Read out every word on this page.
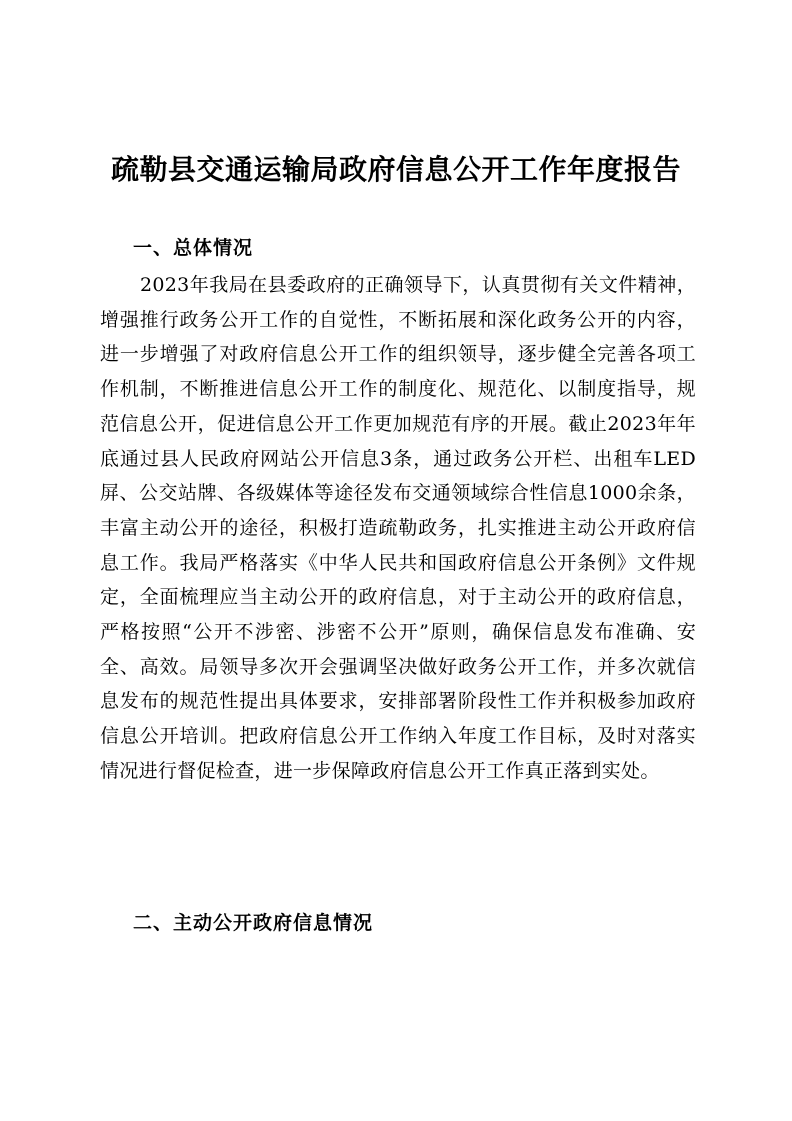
疏勒县交通运输局政府信息公开工作年度报告
一、总体情况

2023年我局在县委政府的正确领导下，认真贯彻有关文件精神，增强推行政务公开工作的自觉性，不断拓展和深化政务公开的内容，进一步增强了对政府信息公开工作的组织领导，逐步健全完善各项工作机制，不断推进信息公开工作的制度化、规范化、以制度指导，规范信息公开，促进信息公开工作更加规范有序的开展。截止2023年年底通过县人民政府网站公开信息3条，通过政务公开栏、出租车LED屏、公交站牌、各级媒体等途径发布交通领域综合性信息1000余条，丰富主动公开的途径，积极打造疏勒政务，扎实推进主动公开政府信息工作。我局严格落实《中华人民共和国政府信息公开条例》文件规定，全面梳理应当主动公开的政府信息，对于主动公开的政府信息，严格按照“公开不涉密、涉密不公开”原则，确保信息发布准确、安全、高效。局领导多次开会强调坚决做好政务公开工作，并多次就信息发布的规范性提出具体要求，安排部署阶段性工作并积极参加政府信息公开培训。把政府信息公开工作纳入年度工作目标，及时对落实情况进行督促检查，进一步保障政府信息公开工作真正落到实处。

二、主动公开政府信息情况
